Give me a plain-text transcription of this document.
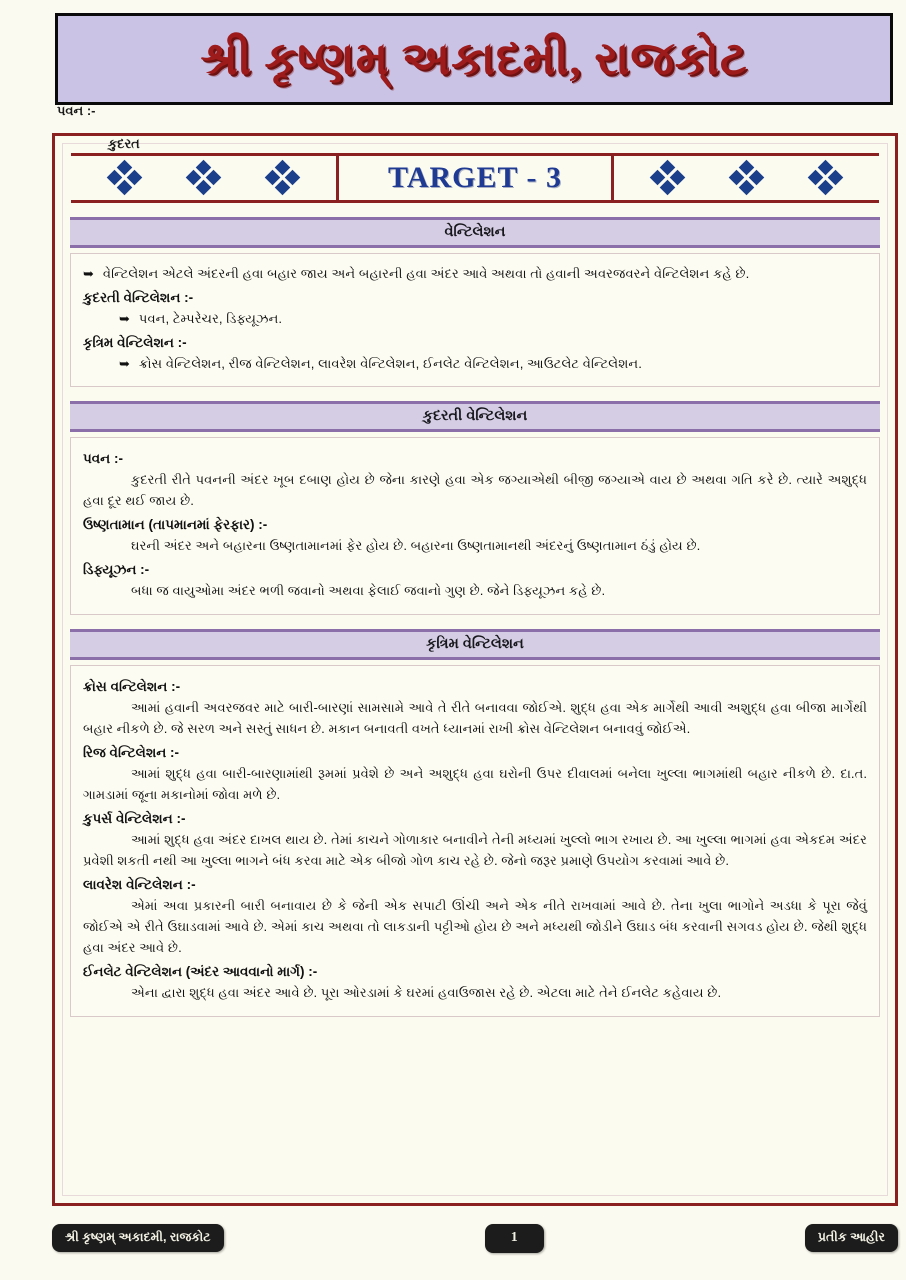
શ્રી કૃષ્ણમ્ અકાદમી, રાજકોટ
પવન :-
કુદરત
TARGET - 3
વેન્ટિલેશન
➥ વેન્ટિલેશન એટલે અંદરની હવા બહાર જાય અને બહારની હવા અંદર આવે અથવા તો હવાની અવરજવરને વેન્ટિલેશન કહે છે.
કુદરતી વેન્ટિલેશન :-
➥ પવન, ટેમ્પરેચર, ડિફ્યૂઝન.
કૃત્રિમ વેન્ટિલેશન :-
➥ ક્રોસ વેન્ટિલેશન, રીજ વેન્ટિલેશન, લાવરેશ વેન્ટિલેશન, ઈનલેટ વેન્ટિલેશન, આઉટલેટ વેન્ટિલેશન.
કુદરતી વેન્ટિલેશન
પવન :-
કુદરતી રીતે પવનની અંદર ખૂબ દબાણ હોય છે જેના કારણે હવા એક જગ્યાએથી બીજી જગ્યાએ વાય છે અથવા ગતિ કરે છે. ત્યારે અશુદ્ધ હવા દૂર થઈ જાય છે.
ઉષ્ણતામાન (તાપમાનમાં ફેરફાર) :-
ઘરની અંદર અને બહારના ઉષ્ણતામાનમાં ફેર હોય છે. બહારના ઉષ્ણતામાનથી અંદરનું ઉષ્ણતામાન ઠંડું હોય છે.
ડિફ્યૂઝન :-
બધા જ વાયુઓમા અંદર ભળી જવાનો અથવા ફેલાઈ જવાનો ગુણ છે. જેને ડિફ્યૂઝન કહે છે.
કૃત્રિમ વેન્ટિલેશન
ક્રોસ વન્ટિલેશન :-
આમાં હવાની અવરજવર માટે બારી-બારણાં સામસામે આવે તે રીતે બનાવવા જોઈએ. શુદ્ધ હવા એક માર્ગેથી આવી અશુદ્ધ હવા બીજા માર્ગેથી બહાર નીકળે છે. જે સરળ અને સસ્તું સાધન છે. મકાન બનાવતી વખતે ધ્યાનમાં રાખી ક્રોસ વેન્ટિલેશન બનાવવું જોઈએ.
રિજ વેન્ટિલેશન :-
આમાં શુદ્ધ હવા બારી-બારણામાંથી રૂમમાં પ્રવેશે છે અને અશુદ્ધ હવા ઘરોની ઉપર દીવાલમાં બનેલા ખુલ્લા ભાગમાંથી બહાર નીકળે છે. દા.ત. ગામડામાં જૂના મકાનોમાં જોવા મળે છે.
કુપર્સ વેન્ટિલેશન :-
આમાં શુદ્ધ હવા અંદર દાખલ થાય છે. તેમાં કાચને ગોળાકાર બનાવીને તેની મધ્યમાં ખુલ્લો ભાગ રખાય છે. આ ખુલ્લા ભાગમાં હવા એકદમ અંદર પ્રવેશી શકતી નથી આ ખુલ્લા ભાગને બંધ કરવા માટે એક બીજો ગોળ કાચ રહે છે. જેનો જરૂર પ્રમાણે ઉપયોગ કરવામાં આવે છે.
લાવરેશ વેન્ટિલેશન :-
એમાં અવા પ્રકારની બારી બનાવાય છે કે જેની એક સપાટી ઊંચી અને એક નીતે રાખવામાં આવે છે. તેના ખુલા ભાગોને અડધા કે પૂરા જેવું જોઈએ એ રીતે ઉઘાડવામાં આવે છે. એમાં કાચ અથવા તો લાકડાની પટ્ટીઓ હોય છે અને મધ્યથી જોડીને ઉઘાડ બંધ કરવાની સગવડ હોય છે. જેથી શુદ્ધ હવા અંદર આવે છે.
ઈનલેટ વેન્ટિલેશન (અંદર આવવાનો માર્ગ) :-
એના દ્વારા શુદ્ધ હવા અંદર આવે છે. પૂરા ઓરડામાં કે ઘરમાં હવાઉજાસ રહે છે. એટલા માટે તેને ઈનલેટ કહેવાય છે.
શ્રી કૃષ્ણમ્ અકાદમી, રાજકોટ	1	પ્રતીક આહીર
